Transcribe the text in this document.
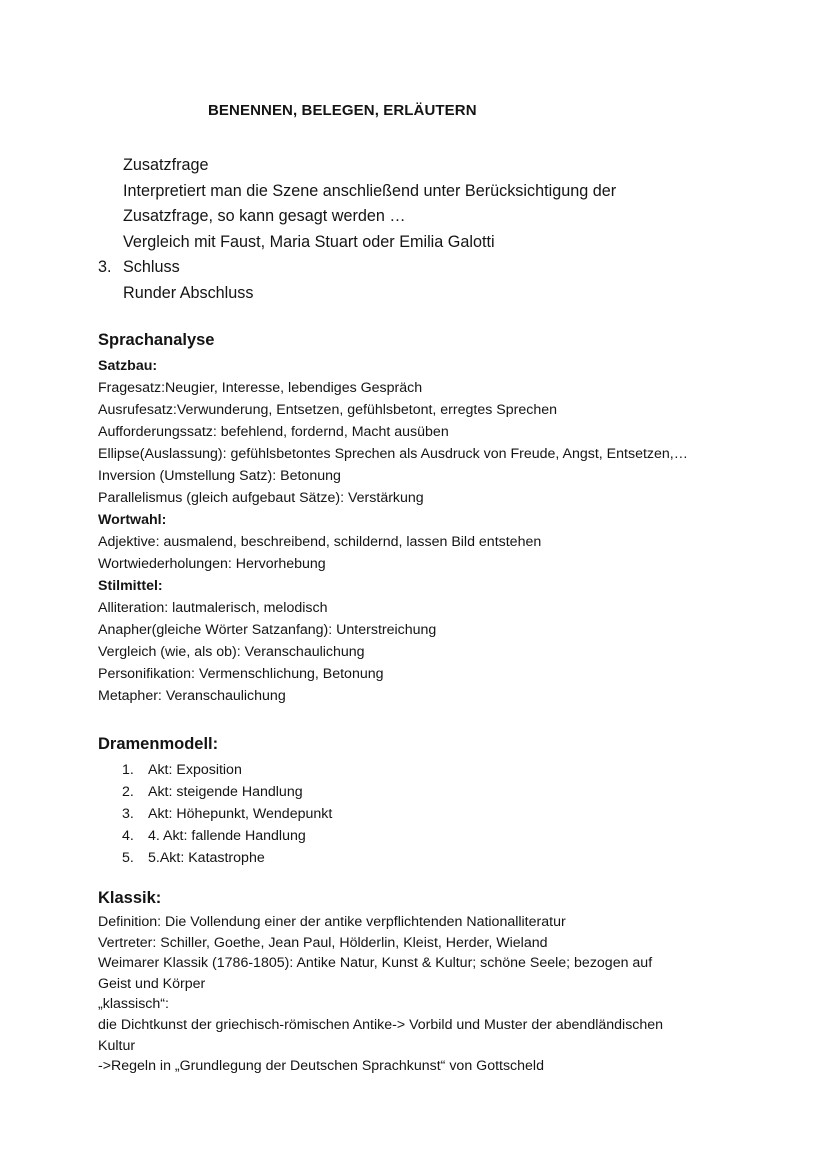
BENENNEN, BELEGEN, ERLÄUTERN
Zusatzfrage
Interpretiert man die Szene anschließend unter Berücksichtigung der
Zusatzfrage, so kann gesagt werden …
Vergleich mit Faust, Maria Stuart oder Emilia Galotti
3. Schluss
Runder Abschluss
Sprachanalyse
Satzbau:
Fragesatz:Neugier, Interesse, lebendiges Gespräch
Ausrufesatz:Verwunderung, Entsetzen, gefühlsbetont, erregtes Sprechen
Aufforderungssatz: befehlend, fordernd, Macht ausüben
Ellipse(Auslassung): gefühlsbetontes Sprechen als Ausdruck von Freude, Angst, Entsetzen,…
Inversion (Umstellung Satz): Betonung
Parallelismus (gleich aufgebaut Sätze): Verstärkung
Wortwahl:
Adjektive: ausmalend, beschreibend, schildernd, lassen Bild entstehen
Wortwiederholungen: Hervorhebung
Stilmittel:
Alliteration: lautmalerisch, melodisch
Anapher(gleiche Wörter Satzanfang): Unterstreichung
Vergleich (wie, als ob): Veranschaulichung
Personifikation: Vermenschlichung, Betonung
Metapher: Veranschaulichung
Dramenmodell:
1. Akt: Exposition
2. Akt: steigende Handlung
3. Akt: Höhepunkt, Wendepunkt
4. 4. Akt: fallende Handlung
5. 5.Akt: Katastrophe
Klassik:
Definition: Die Vollendung einer der antike verpflichtenden Nationalliteratur
Vertreter: Schiller, Goethe, Jean Paul, Hölderlin, Kleist, Herder, Wieland
Weimarer Klassik (1786-1805): Antike Natur, Kunst & Kultur; schöne Seele; bezogen auf
Geist und Körper
„klassisch“:
die Dichtkunst der griechisch-römischen Antike-> Vorbild und Muster der abendländischen
Kultur
->Regeln in „Grundlegung der Deutschen Sprachkunst“ von Gottscheld
